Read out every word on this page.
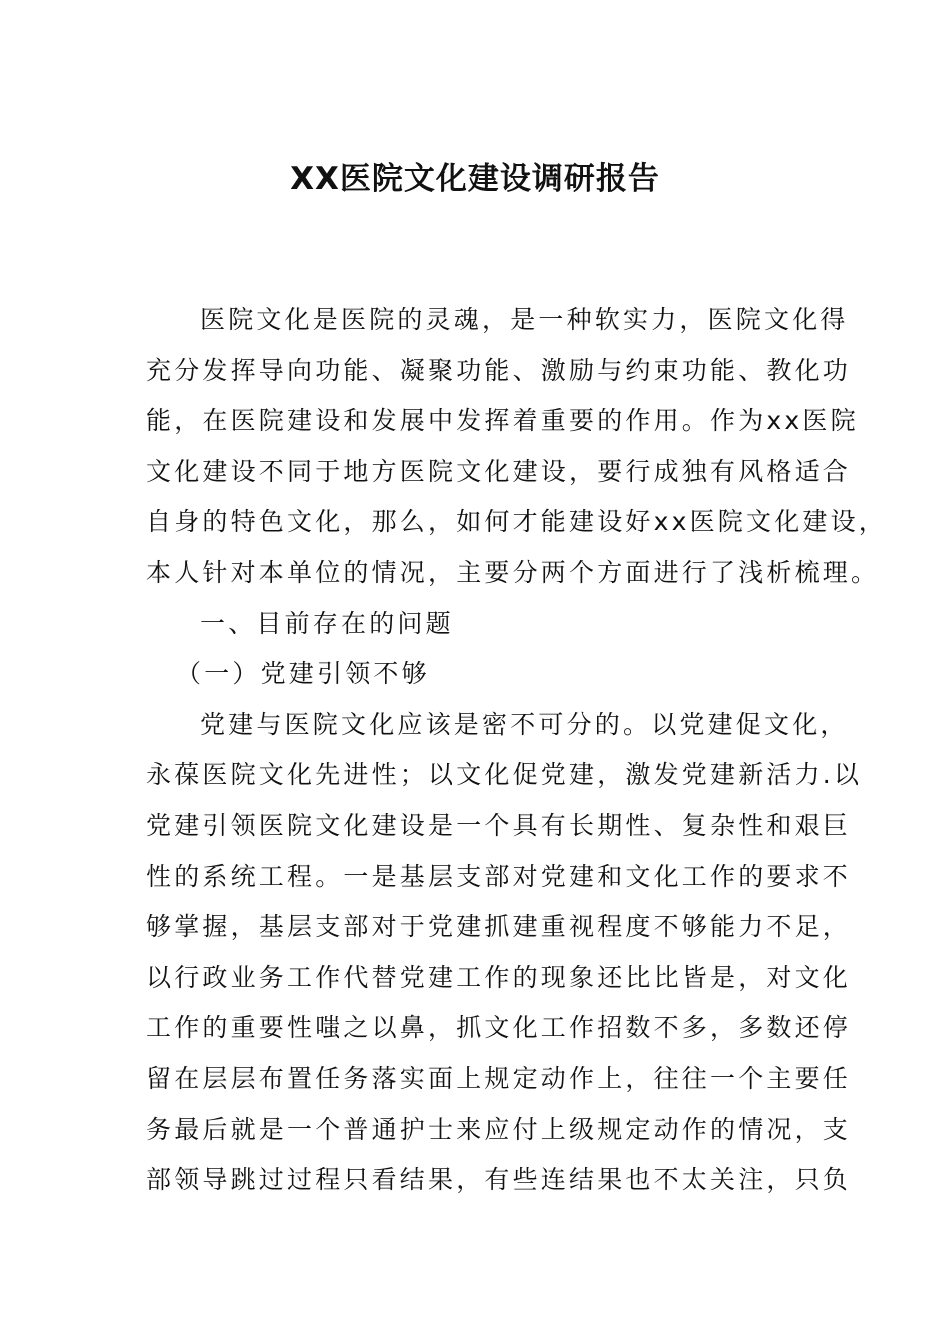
XX医院文化建设调研报告
医院文化是医院的灵魂，是一种软实力，医院文化得
充分发挥导向功能、凝聚功能、激励与约束功能、教化功
能，在医院建设和发展中发挥着重要的作用。作为xx医院
文化建设不同于地方医院文化建设，要行成独有风格适合
自身的特色文化，那么，如何才能建设好xx医院文化建设，
本人针对本单位的情况，主要分两个方面进行了浅析梳理。
一、目前存在的问题
（一）党建引领不够
党建与医院文化应该是密不可分的。以党建促文化，
永葆医院文化先进性；以文化促党建，激发党建新活力.以
党建引领医院文化建设是一个具有长期性、复杂性和艰巨
性的系统工程。一是基层支部对党建和文化工作的要求不
够掌握，基层支部对于党建抓建重视程度不够能力不足，
以行政业务工作代替党建工作的现象还比比皆是，对文化
工作的重要性嗤之以鼻，抓文化工作招数不多，多数还停
留在层层布置任务落实面上规定动作上，往往一个主要任
务最后就是一个普通护士来应付上级规定动作的情况，支
部领导跳过过程只看结果，有些连结果也不太关注，只负
